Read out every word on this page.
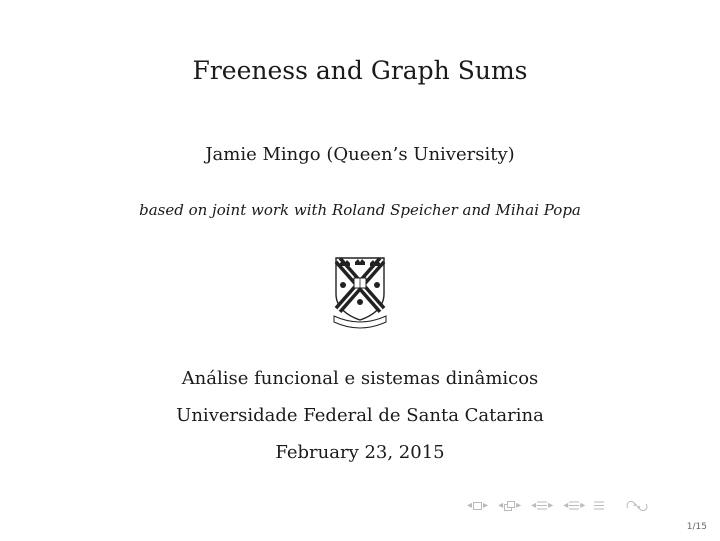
Freeness and Graph Sums
Jamie Mingo (Queen’s University)
based on joint work with Roland Speicher and Mihai Popa
Análise funcional e sistemas dinâmicos
Universidade Federal de Santa Catarina
February 23, 2015
◂ ▸ ◂ ▸ ◂ ▸ ◂ ▸
1/15
